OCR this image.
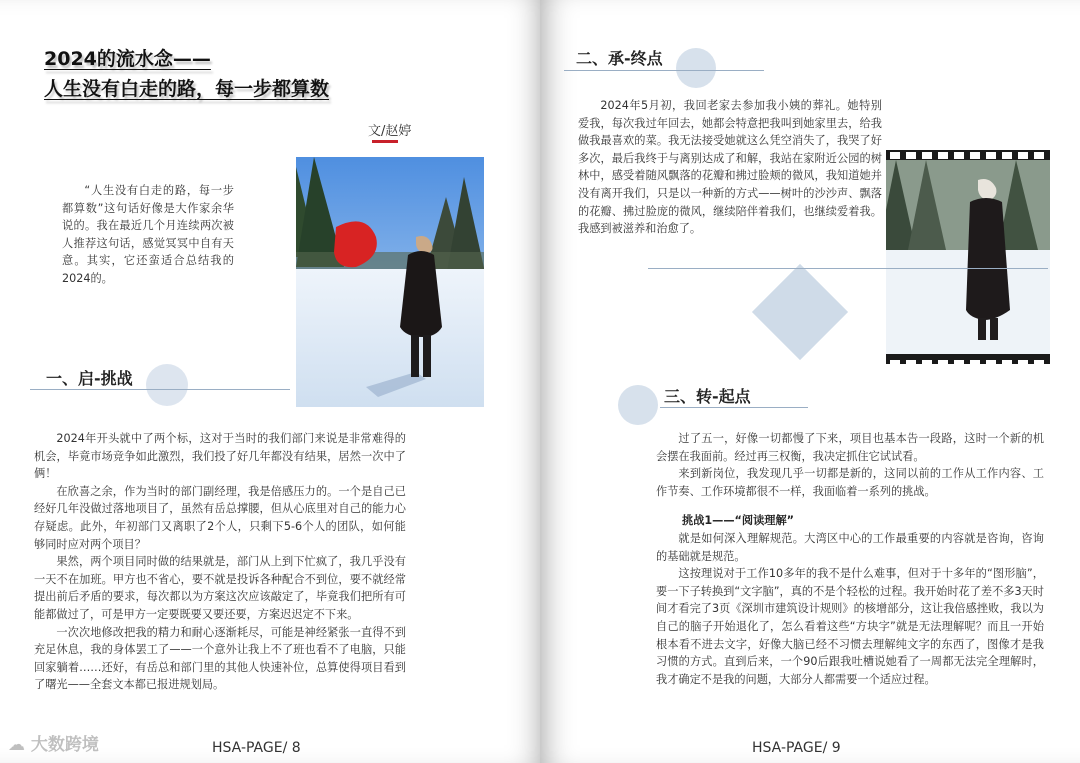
2024的流水念——
人生没有白走的路，每一步都算数
文/赵婷

“人生没有白走的路，每一步都算数”这句话好像是大作家余华说的。我在最近几个月连续两次被人推荐这句话，感觉冥冥中自有天意。其实，它还蛮适合总结我的2024的。

一、启-挑战

2024年开头就中了两个标，这对于当时的我们部门来说是非常难得的机会，毕竟市场竞争如此激烈，我们投了好几年都没有结果，居然一次中了俩！

在欣喜之余，作为当时的部门副经理，我是倍感压力的。一个是自己已经好几年没做过落地项目了，虽然有岳总撑腰，但从心底里对自己的能力心存疑虑。此外，年初部门又离职了2个人，只剩下5-6个人的团队，如何能够同时应对两个项目？

果然，两个项目同时做的结果就是，部门从上到下忙疯了，我几乎没有一天不在加班。甲方也不省心，要不就是投诉各种配合不到位，要不就经常提出前后矛盾的要求，每次都以为方案这次应该敲定了，毕竟我们把所有可能都做过了，可是甲方一定要既要又要还要，方案迟迟定不下来。

一次次地修改把我的精力和耐心逐渐耗尽，可能是神经紧张一直得不到充足休息，我的身体罢工了——一个意外让我上不了班也看不了电脑，只能回家躺着……还好，有岳总和部门里的其他人快速补位，总算使得项目看到了曙光——全套文本都已报进规划局。

☁ 大数跨境	HSA-PAGE/ 8
二、承-终点

2024年5月初，我回老家去参加我小姨的葬礼。她特别爱我，每次我过年回去，她都会特意把我叫到她家里去，给我做我最喜欢的菜。我无法接受她就这么凭空消失了，我哭了好多次，最后我终于与离别达成了和解，我站在家附近公园的树林中，感受着随风飘落的花瓣和拂过脸颊的微风，我知道她并没有离开我们，只是以一种新的方式——树叶的沙沙声、飘落的花瓣、拂过脸庞的微风，继续陪伴着我们，也继续爱着我。我感到被滋养和治愈了。

三、转-起点

过了五一，好像一切都慢了下来，项目也基本告一段路，这时一个新的机会摆在我面前。经过再三权衡，我决定抓住它试试看。

来到新岗位，我发现几乎一切都是新的，这同以前的工作从工作内容、工作节奏、工作环境都很不一样，我面临着一系列的挑战。

挑战1——“阅读理解”

就是如何深入理解规范。大湾区中心的工作最重要的内容就是咨询，咨询的基础就是规范。

这按理说对于工作10多年的我不是什么难事，但对于十多年的“图形脑”，要一下子转换到“文字脑”，真的不是个轻松的过程。我开始时花了差不多3天时间才看完了3页《深圳市建筑设计规则》的核增部分，这让我倍感挫败，我以为自己的脑子开始退化了，怎么看着这些“方块字”就是无法理解呢？而且一开始根本看不进去文字，好像大脑已经不习惯去理解纯文字的东西了，图像才是我习惯的方式。直到后来，一个90后跟我吐槽说她看了一周都无法完全理解时，我才确定不是我的问题，大部分人都需要一个适应过程。

HSA-PAGE/ 9
